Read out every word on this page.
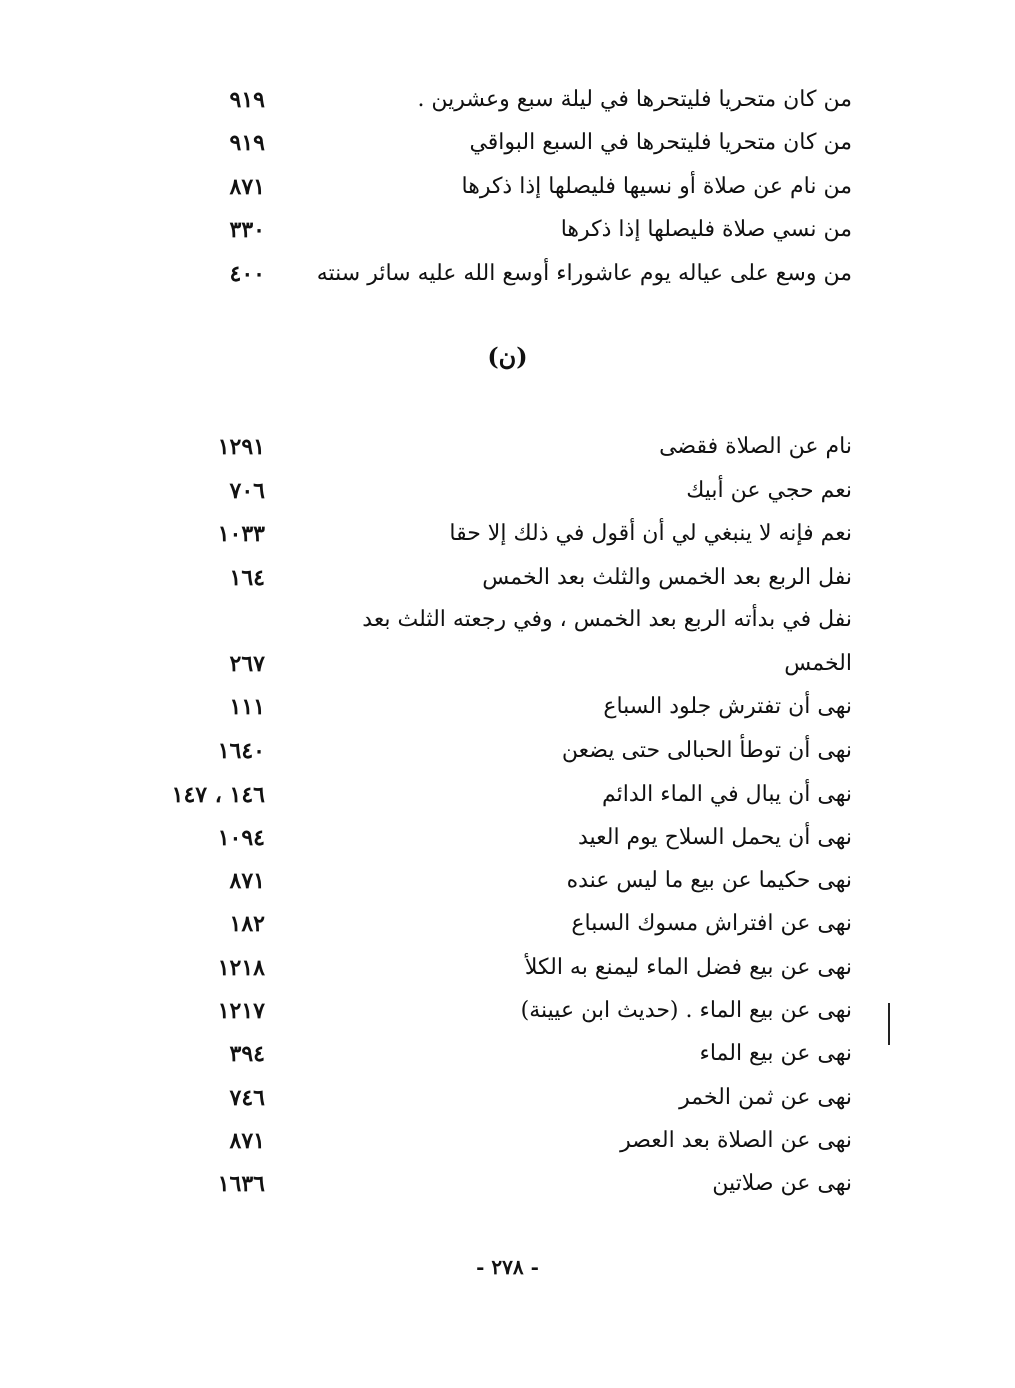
من كان متحريا فليتحرها في ليلة سبع وعشرين .
٩١٩
من كان متحريا فليتحرها في السبع البواقي
٩١٩
من نام عن صلاة أو نسيها فليصلها إذا ذكرها
٨٧١
من نسي صلاة فليصلها إذا ذكرها
٣٣٠
من وسع على عياله يوم عاشوراء أوسع الله عليه سائر سنته
٤٠٠
(ن)
نام عن الصلاة فقضى
١٢٩١
نعم حجي عن أبيك
٧٠٦
نعم فإنه لا ينبغي لي أن أقول في ذلك إلا حقا
١٠٣٣
نفل الربع بعد الخمس والثلث بعد الخمس
١٦٤
نفل في بدأته الربع بعد الخمس ، وفي رجعته الثلث بعد
الخمس
٢٦٧
نهى أن تفترش جلود السباع
١١١
نهى أن توطأ الحبالى حتى يضعن
١٦٤٠
نهى أن يبال في الماء الدائم
١٤٦ ، ١٤٧
نهى أن يحمل السلاح يوم العيد
١٠٩٤
نهى حكيما عن بيع ما ليس عنده
٨٧١
نهى عن افتراش مسوك السباع
١٨٢
نهى عن بيع فضل الماء ليمنع به الكلأ
١٢١٨
نهى عن بيع الماء . (حديث ابن عيينة)
١٢١٧
نهى عن بيع الماء
٣٩٤
نهى عن ثمن الخمر
٧٤٦
نهى عن الصلاة بعد العصر
٨٧١
نهى عن صلاتين
١٦٣٦
- ٢٧٨ -
